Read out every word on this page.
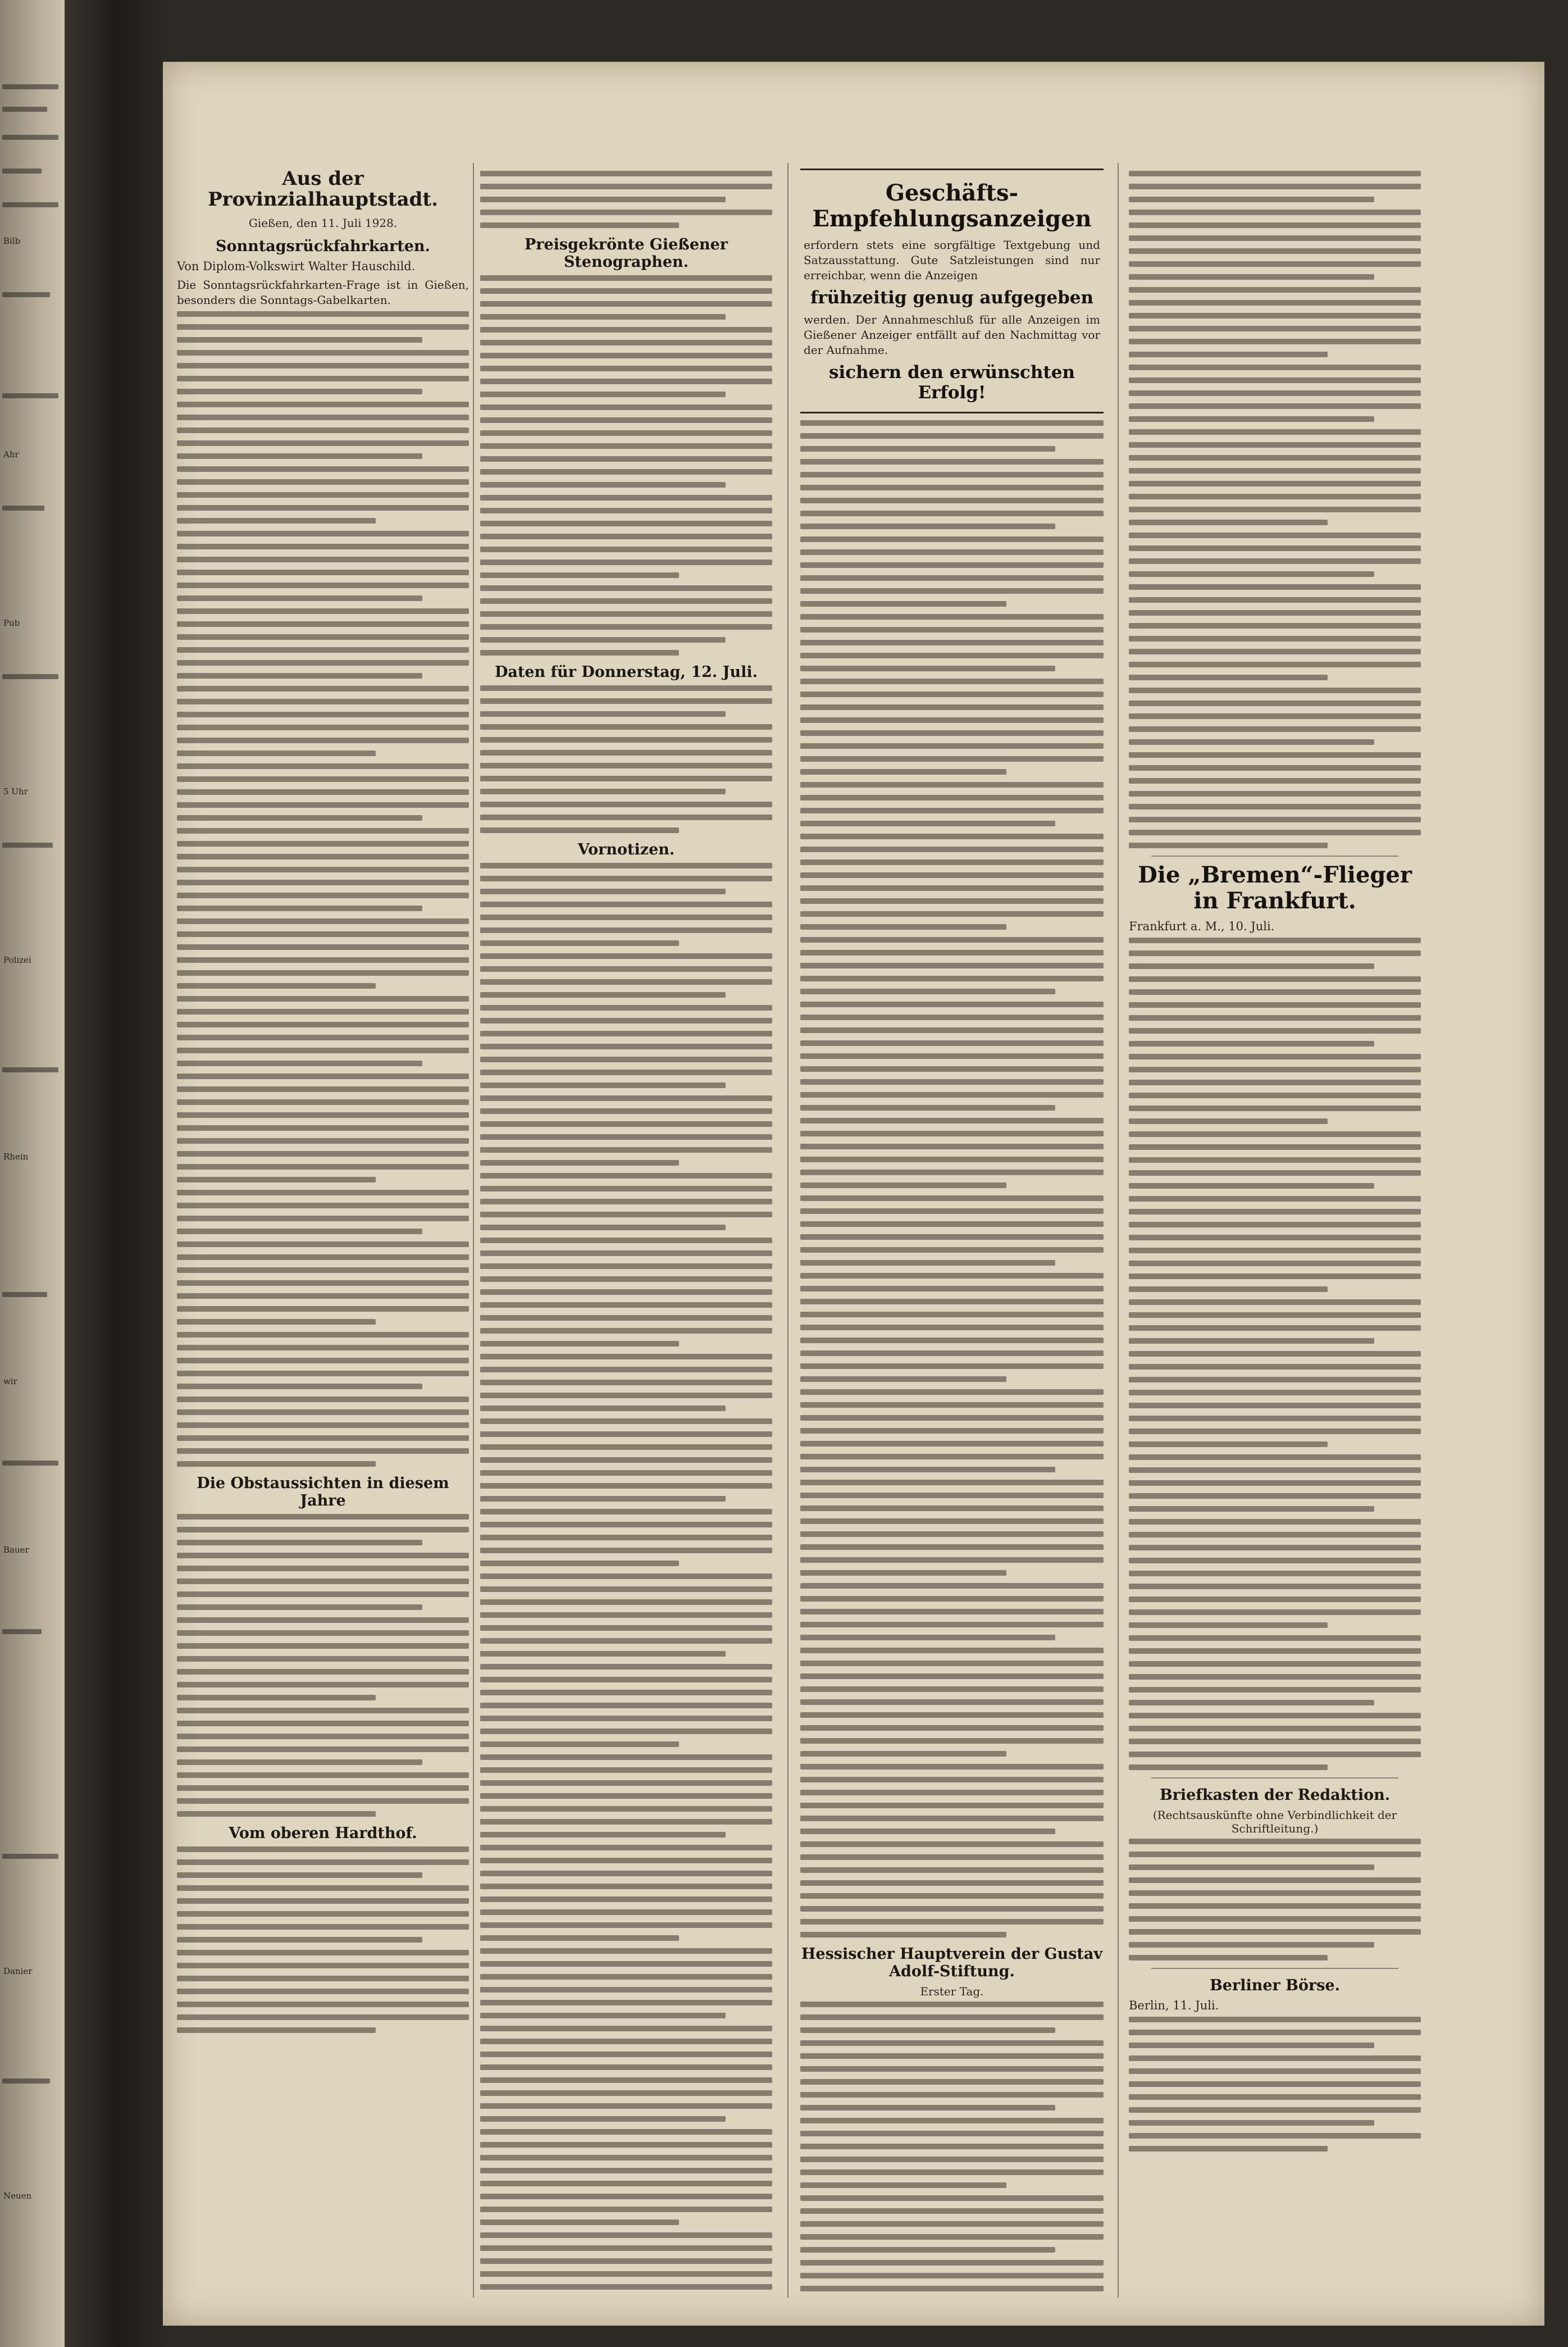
Bilb
Ahr
Pub
5 Uhr
Polizei
Rhein
wir
Bauer
Danier
Neuen
Aus der Provinzialhauptstadt.
Gießen, den 11. Juli 1928.
Sonntagsrückfahrkarten.
Von Diplom-Volkswirt Walter Hauschild.
Die Sonntagsrückfahrkarten-Frage ist in Gießen, besonders die Sonntags-Gabelkarten.
Die Obstaussichten in diesem Jahre
Vom oberen Hardthof.
Preisgekrönte Gießener Stenographen.
Daten für Donnerstag, 12. Juli.
Vornotizen.
Geschäfts-Empfehlungsanzeigen
erfordern stets eine sorgfältige Textgebung und Satzausstattung. Gute Satzleistungen sind nur erreichbar, wenn die Anzeigen
frühzeitig genug aufgegeben
werden. Der Annahmeschluß für alle Anzeigen im Gießener Anzeiger entfällt auf den Nachmittag vor der Aufnahme.
sichern den erwünschten Erfolg!
Hessischer Hauptverein der Gustav Adolf-Stiftung.
Erster Tag.
Die „Bremen“-Flieger in Frankfurt.
Frankfurt a. M., 10. Juli.
Briefkasten der Redaktion.
(Rechtsauskünfte ohne Verbindlichkeit der Schriftleitung.)
Berliner Börse.
Berlin, 11. Juli.
